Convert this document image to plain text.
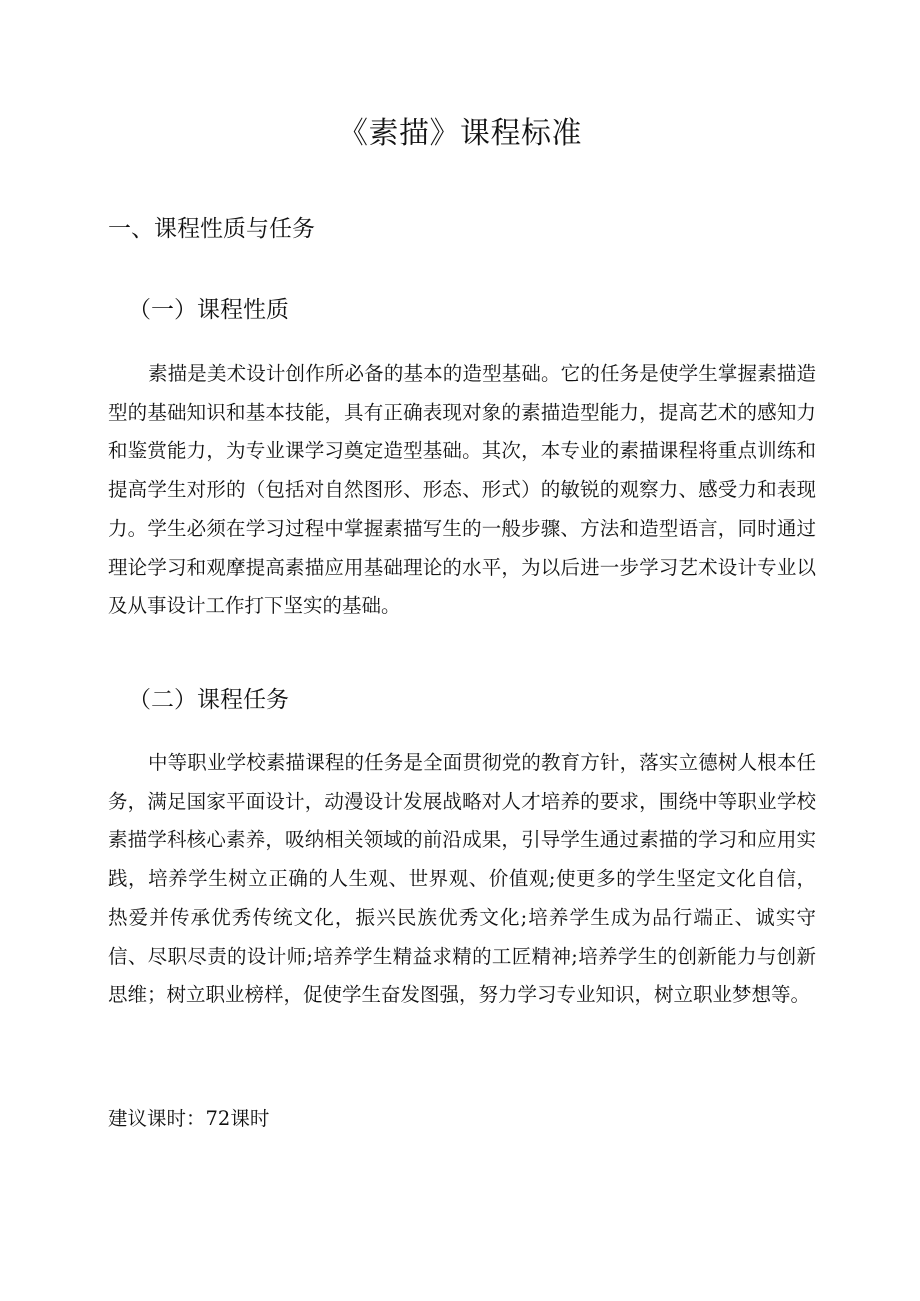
《素描》课程标准
一、课程性质与任务
（一）课程性质

素描是美术设计创作所必备的基本的造型基础。它的任务是使学生掌握素描造型的基础知识和基本技能，具有正确表现对象的素描造型能力，提高艺术的感知力和鉴赏能力，为专业课学习奠定造型基础。其次，本专业的素描课程将重点训练和提高学生对形的（包括对自然图形、形态、形式）的敏锐的观察力、感受力和表现力。学生必须在学习过程中掌握素描写生的一般步骤、方法和造型语言，同时通过理论学习和观摩提高素描应用基础理论的水平，为以后进一步学习艺术设计专业以及从事设计工作打下坚实的基础。

（二）课程任务

中等职业学校素描课程的任务是全面贯彻党的教育方针，落实立德树人根本任务，满足国家平面设计，动漫设计发展战略对人才培养的要求，围绕中等职业学校素描学科核心素养，吸纳相关领域的前沿成果，引导学生通过素描的学习和应用实践，培养学生树立正确的人生观、世界观、价值观;使更多的学生坚定文化自信，热爱并传承优秀传统文化，振兴民族优秀文化;培养学生成为品行端正、诚实守信、尽职尽责的设计师;培养学生精益求精的工匠精神;培养学生的创新能力与创新思维；树立职业榜样，促使学生奋发图强，努力学习专业知识，树立职业梦想等。

建议课时：72课时
